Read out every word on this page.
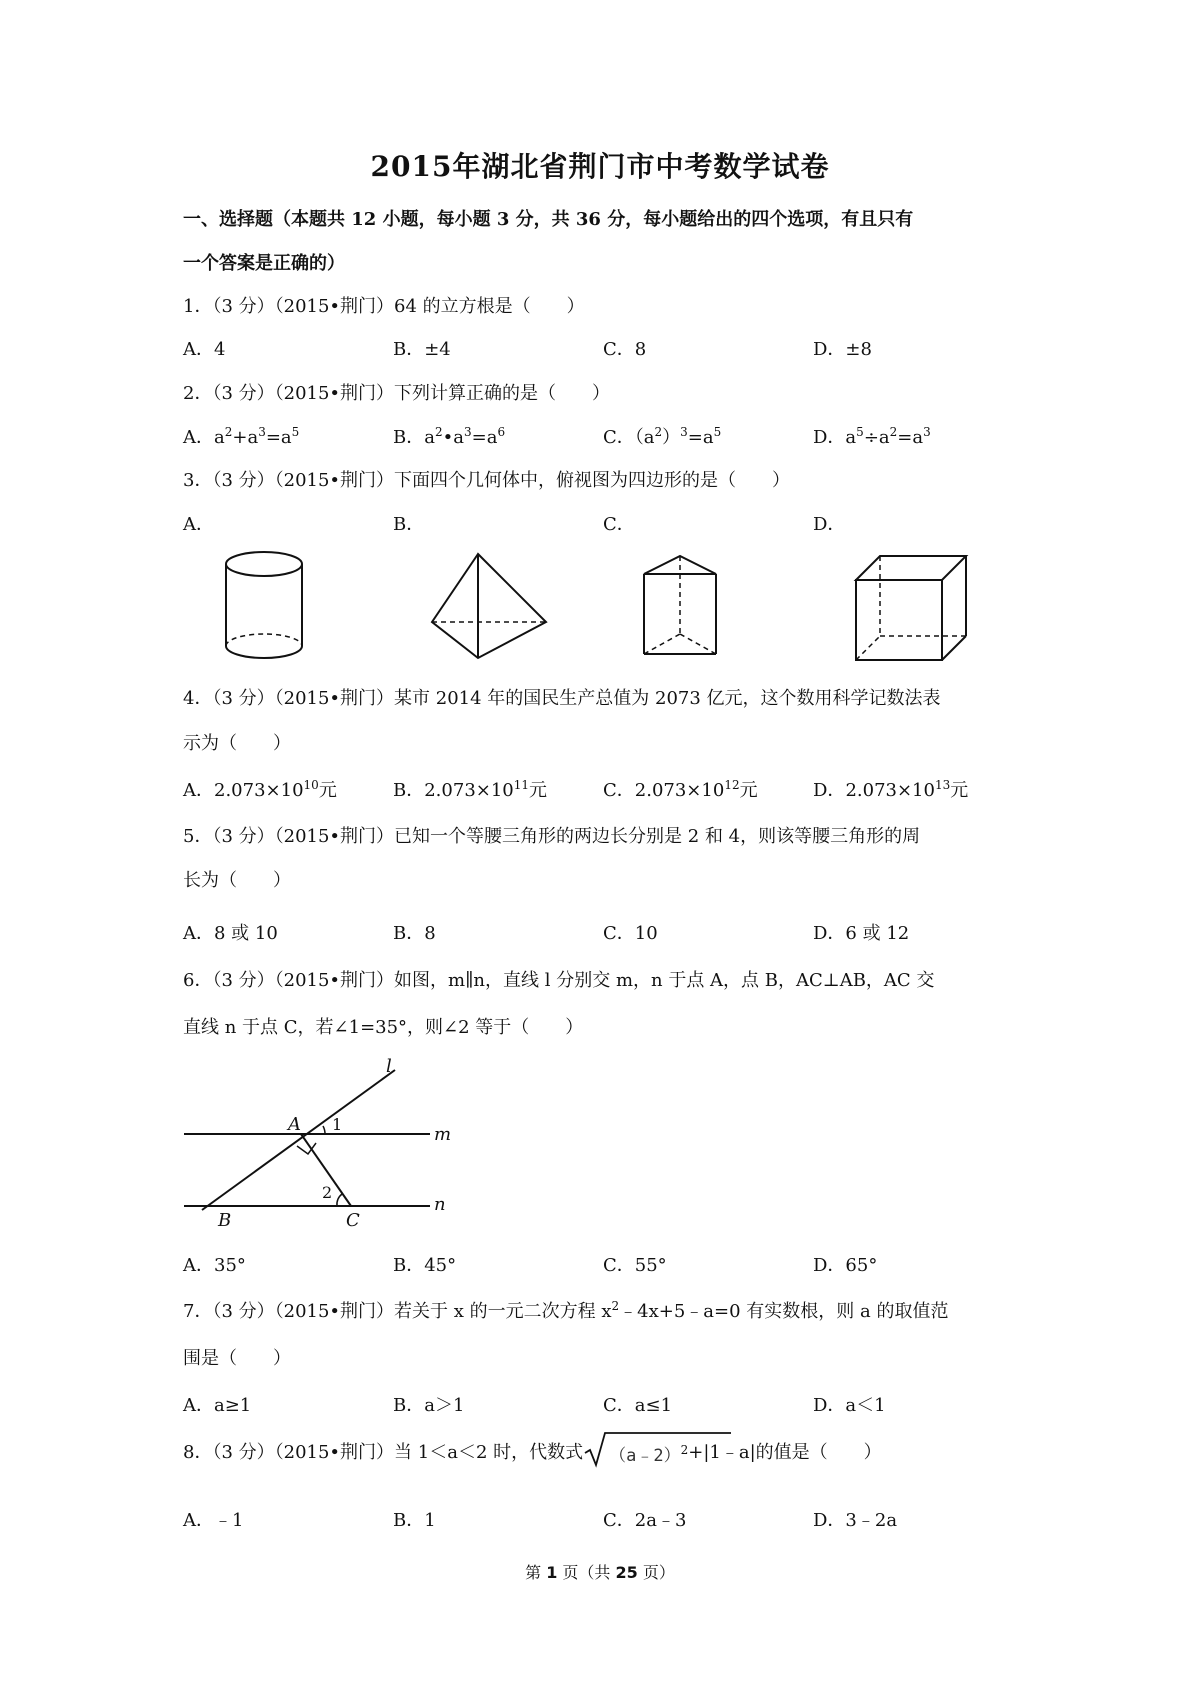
2015年湖北省荆门市中考数学试卷
一、选择题（本题共 12 小题，每小题 3 分，共 36 分，每小题给出的四个选项，有且只有
一个答案是正确的）
1．（3 分）（2015•荆门）64 的立方根是（　　）
A．4	B．±4	C．8	D．±8
2．（3 分）（2015•荆门）下列计算正确的是（　　）
A．$a^2+a^3=a^5$	B．$a^2•a^3=a^6$	C．$(a^2)^3=a^5$	D．$a^5\div a^2=a^3$
3．（3 分）（2015•荆门）下面四个几何体中，俯视图为四边形的是（　　）
A．	B．	C．	D．
4．（3 分）（2015•荆门）某市 2014 年的国民生产总值为 2073 亿元，这个数用科学记数法表
示为（　　）
A．$2.073\times 10^{10}$元	B．$2.073\times 10^{11}$元	C．$2.073\times 10^{12}$元	D．$2.073\times 10^{13}$元
5．（3 分）（2015•荆门）已知一个等腰三角形的两边长分别是 2 和 4，则该等腰三角形的周
长为（　　）
A．8 或 10	B．8	C．10	D．6 或 12
6．（3 分）（2015•荆门）如图，m∥n，直线 l 分别交 m，n 于点 A，点 B，AC⊥AB，AC 交
直线 n 于点 C，若∠1=35°，则∠2 等于（　　）
l
m
n
A
B	C
1
2
A．35°	B．45°	C．55°	D．65°
7．（3 分）（2015•荆门）若关于 x 的一元二次方程 $x^2﹣4x+5﹣a=0$ 有实数根，则 a 的取值范
围是（　　）
A．a≥1	B．a＞1	C．a≤1	D．a＜1
8．（3 分）（2015•荆门）当 1＜a＜2 时，代数式 （a﹣2）$^2$+|1﹣a|的值是（　　）
A．﹣1	B．1	C．2a﹣3	D．3﹣2a
第 1 页（共 25 页）
